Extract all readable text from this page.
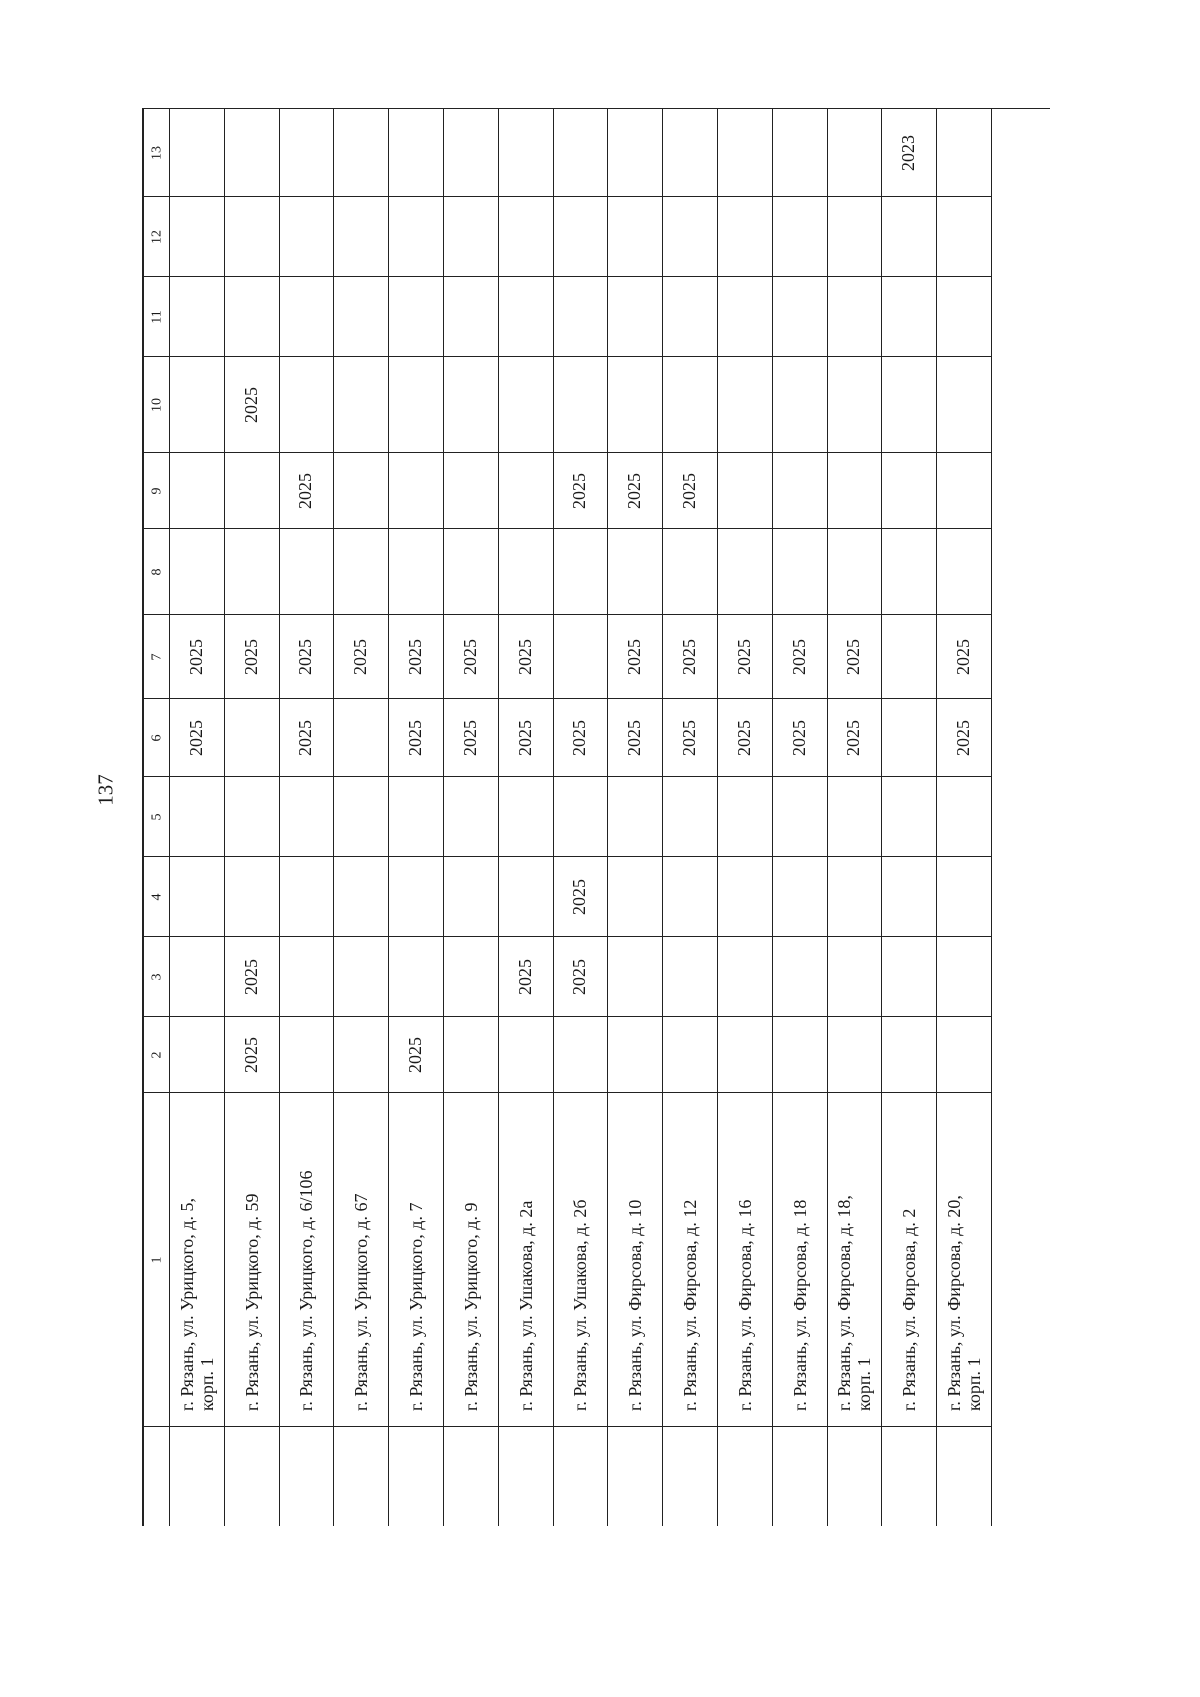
137
13
12
11
10
9
8
7
6
5
4
3
2
1
2025
2025
г. Рязань, ул. Урицкого, д. 5,
корп. 1
2025
2025
2025
2025
г. Рязань, ул. Урицкого, д. 59
2025
2025
2025
г. Рязань, ул. Урицкого, д. 6/106
2025
г. Рязань, ул. Урицкого, д. 67
2025
2025
2025
г. Рязань, ул. Урицкого, д. 7
2025
2025
г. Рязань, ул. Урицкого, д. 9
2025
2025
2025
г. Рязань, ул. Ушакова, д. 2а
2025
2025
2025
2025
г. Рязань, ул. Ушакова, д. 2б
2025
2025
2025
г. Рязань, ул. Фирсова, д. 10
2025
2025
2025
г. Рязань, ул. Фирсова, д. 12
2025
2025
г. Рязань, ул. Фирсова, д. 16
2025
2025
г. Рязань, ул. Фирсова, д. 18
2025
2025
г. Рязань, ул. Фирсова, д. 18,
корп. 1
2023
г. Рязань, ул. Фирсова, д. 2
2025
2025
г. Рязань, ул. Фирсова, д. 20,
корп. 1
